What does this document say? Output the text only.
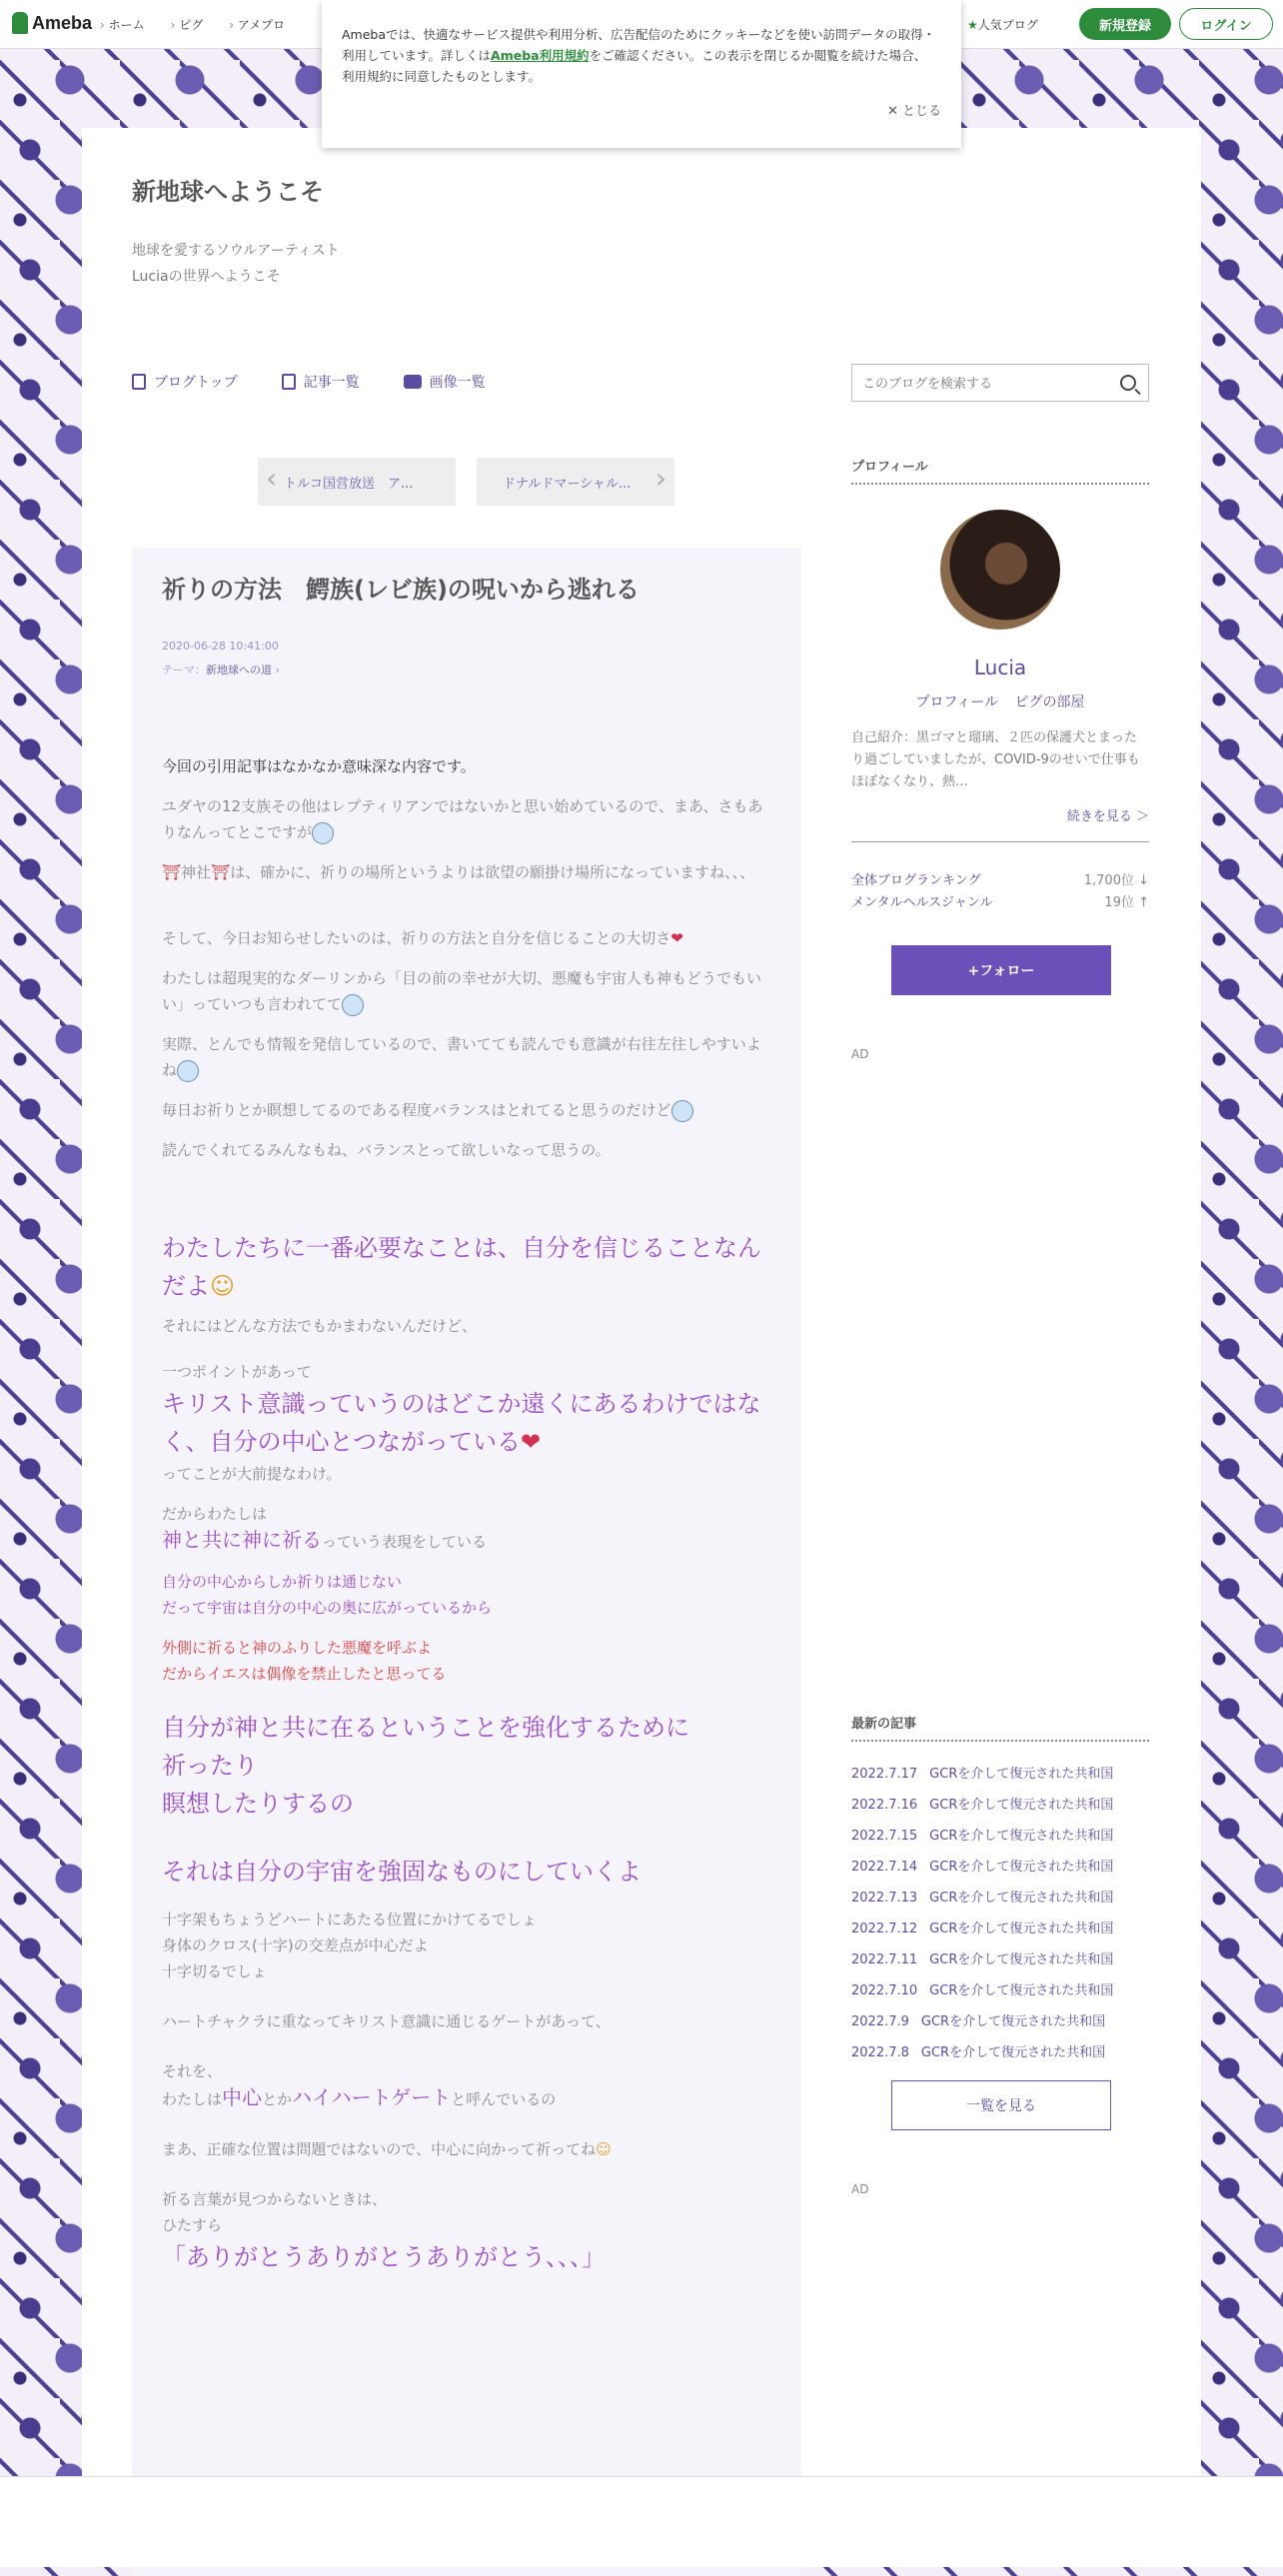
Ameba	› ホーム	› ピグ	› アメプロ	★人気ブログ	新規登録	ログイン

Amebaでは、快適なサービス提供や利用分析、広告配信のためにクッキーなどを使い訪問データの取得・利用しています。詳しくはAmeba利用規約をご確認ください。この表示を閉じるか閲覧を続けた場合、利用規約に同意したものとします。

✕ とじる
新地球へようこそ
地球を愛するソウルアーティスト
Luciaの世界へようこそ
ブログトップ	記事一覧	画像一覧
このブログを検索する
‹ トルコ国営放送　ア...	ドナルドマーシャル... ›
祈りの方法　鰐族(レビ族)の呪いから逃れる
2020-06-28 10:41:00
テーマ：新地球への道 ›

今回の引用記事はなかなか意味深な内容です。

ユダヤの12支族その他はレプティリアンではないかと思い始めているので、まあ、さもありなんってとこですが

⛩神社⛩は、確かに、祈りの場所というよりは欲望の願掛け場所になっていますね、、、

そして、今日お知らせしたいのは、祈りの方法と自分を信じることの大切さ❤

わたしは超現実的なダーリンから「目の前の幸せが大切、悪魔も宇宙人も神もどうでもいい」っていつも言われてて

実際、とんでも情報を発信しているので、書いてても読んでも意識が右往左往しやすいよね

毎日お祈りとか瞑想してるのである程度バランスはとれてると思うのだけど

読んでくれてるみんなもね、バランスとって欲しいなって思うの。

わたしたちに一番必要なことは、自分を信じることなんだよ☺

それにはどんな方法でもかまわないんだけど、

一つポイントがあって

キリスト意識っていうのはどこか遠くにあるわけではなく、自分の中心とつながっている❤

ってことが大前提なわけ。

だからわたしは

神と共に神に祈るっていう表現をしている

自分の中心からしか祈りは通じない

だって宇宙は自分の中心の奥に広がっているから

外側に祈ると神のふりした悪魔を呼ぶよ

だからイエスは偶像を禁止したと思ってる

自分が神と共に在るということを強化するために

祈ったり

瞑想したりするの

それは自分の宇宙を強固なものにしていくよ

十字架もちょうどハートにあたる位置にかけてるでしょ

身体のクロス(十字)の交差点が中心だよ

十字切るでしょ

ハートチャクラに重なってキリスト意識に通じるゲートがあって、

それを、

わたしは中心とかハイハートゲートと呼んでいるの

まあ、正確な位置は問題ではないので、中心に向かって祈ってね☺

祈る言葉が見つからないときは、

ひたすら

「ありがとうありがとうありがとう、、、」

プロフィール
Lucia
プロフィール ピグの部屋
自己紹介：黒ゴマと瑠璃、２匹の保護犬とまったり過ごしていましたが、COVID-9のせいで仕事もほぼなくなり、熱…
続きを見る ＞
全体ブログランキング	1,700位 ↓
メンタルヘルスジャンル	19位 ↑
+フォロー
AD
最新の記事
2022.7.17 GCRを介して復元された共和国
2022.7.16 GCRを介して復元された共和国
2022.7.15 GCRを介して復元された共和国
2022.7.14 GCRを介して復元された共和国
2022.7.13 GCRを介して復元された共和国
2022.7.12 GCRを介して復元された共和国
2022.7.11 GCRを介して復元された共和国
2022.7.10 GCRを介して復元された共和国
2022.7.9 GCRを介して復元された共和国
2022.7.8 GCRを介して復元された共和国
一覧を見る
AD
